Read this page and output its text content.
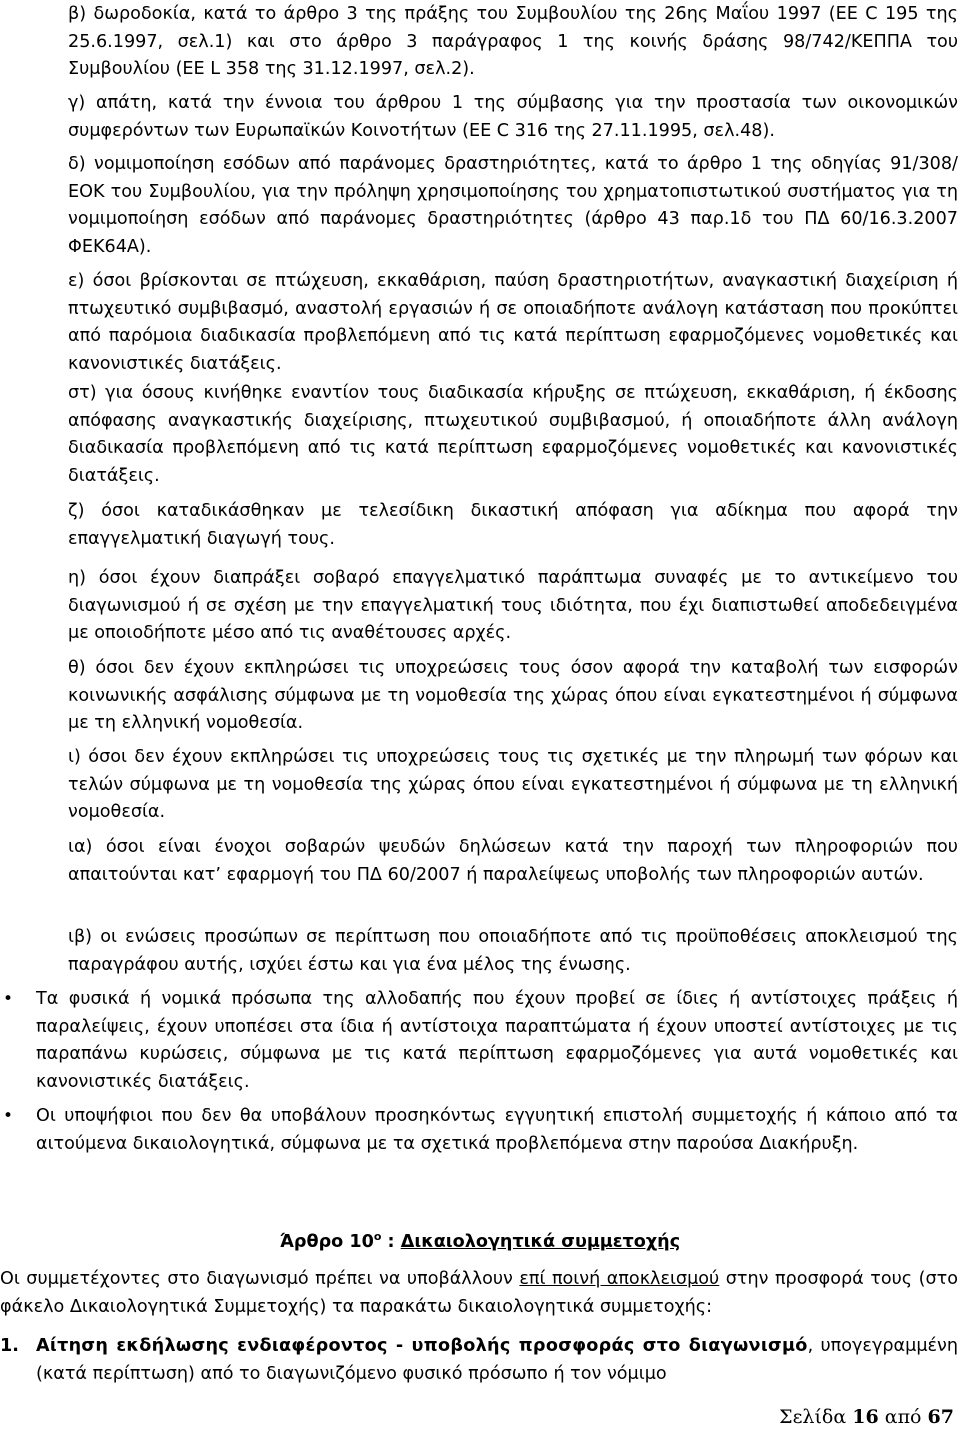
β) δωροδοκία, κατά το άρθρο 3 της πράξης του Συμβουλίου της 26ης Μαΐου 1997 (ΕΕ C 195 της 25.6.1997, σελ.1) και στο άρθρο 3 παράγραφος 1 της κοινής δράσης 98/742/ΚΕΠΠΑ του Συμβουλίου (ΕΕ L 358 της 31.12.1997, σελ.2).

γ) απάτη, κατά την έννοια του άρθρου 1 της σύμβασης για την προστασία των οικονομικών συμφερόντων των Ευρωπαϊκών Κοινοτήτων (ΕΕ C 316 της 27.11.1995, σελ.48).

δ) νομιμοποίηση εσόδων από παράνομες δραστηριότητες, κατά το άρθρο 1 της οδηγίας 91/308/ΕΟΚ του Συμβουλίου, για την πρόληψη χρησιμοποίησης του χρηματοπιστωτικού συστήματος για τη νομιμοποίηση εσόδων από παράνομες δραστηριότητες (άρθρο 43 παρ.1δ του ΠΔ 60/16.3.2007 ΦΕΚ64Α).

ε) όσοι βρίσκονται σε πτώχευση, εκκαθάριση, παύση δραστηριοτήτων, αναγκαστική διαχείριση ή πτωχευτικό συμβιβασμό, αναστολή εργασιών ή σε οποιαδήποτε ανάλογη κατάσταση που προκύπτει από παρόμοια διαδικασία προβλεπόμενη από τις κατά περίπτωση εφαρμοζόμενες νομοθετικές και κανονιστικές διατάξεις.

στ) για όσους κινήθηκε εναντίον τους διαδικασία κήρυξης σε πτώχευση, εκκαθάριση, ή έκδοσης απόφασης αναγκαστικής διαχείρισης, πτωχευτικού συμβιβασμού, ή οποιαδήποτε άλλη ανάλογη διαδικασία προβλεπόμενη από τις κατά περίπτωση εφαρμοζόμενες νομοθετικές και κανονιστικές διατάξεις.

ζ) όσοι καταδικάσθηκαν με τελεσίδικη δικαστική απόφαση για αδίκημα που αφορά την επαγγελματική διαγωγή τους.

η) όσοι έχουν διαπράξει σοβαρό επαγγελματικό παράπτωμα συναφές με το αντικείμενο του διαγωνισμού ή σε σχέση με την επαγγελματική τους ιδιότητα, που έχι διαπιστωθεί αποδεδειγμένα με οποιοδήποτε μέσο από τις αναθέτουσες αρχές.

θ) όσοι δεν έχουν εκπληρώσει τις υποχρεώσεις τους όσον αφορά την καταβολή των εισφορών κοινωνικής ασφάλισης σύμφωνα με τη νομοθεσία της χώρας όπου είναι εγκατεστημένοι ή σύμφωνα με τη ελληνική νομοθεσία.

ι) όσοι δεν έχουν εκπληρώσει τις υποχρεώσεις τους τις σχετικές με την πληρωμή των φόρων και τελών σύμφωνα με τη νομοθεσία της χώρας όπου είναι εγκατεστημένοι ή σύμφωνα με τη ελληνική νομοθεσία.

ια) όσοι είναι ένοχοι σοβαρών ψευδών δηλώσεων κατά την παροχή των πληροφοριών που απαιτούνται κατ’ εφαρμογή του ΠΔ 60/2007 ή παραλείψεως υποβολής των πληροφοριών αυτών.

ιβ) οι ενώσεις προσώπων σε περίπτωση που οποιαδήποτε από τις προϋποθέσεις αποκλεισμού της παραγράφου αυτής, ισχύει έστω και για ένα μέλος της ένωσης.

• Τα φυσικά ή νομικά πρόσωπα της αλλοδαπής που έχουν προβεί σε ίδιες ή αντίστοιχες πράξεις ή παραλείψεις, έχουν υποπέσει στα ίδια ή αντίστοιχα παραπτώματα ή έχουν υποστεί αντίστοιχες με τις παραπάνω κυρώσεις, σύμφωνα με τις κατά περίπτωση εφαρμοζόμενες για αυτά νομοθετικές και κανονιστικές διατάξεις.

• Οι υποψήφιοι που δεν θα υποβάλουν προσηκόντως εγγυητική επιστολή συμμετοχής ή κάποιο από τα αιτούμενα δικαιολογητικά, σύμφωνα με τα σχετικά προβλεπόμενα στην παρούσα Διακήρυξη.

Άρθρο $10^o$ : Δικαιολογητικά συμμετοχής

Οι συμμετέχοντες στο διαγωνισμό πρέπει να υποβάλλουν επί ποινή αποκλεισμού στην προσφορά τους (στο φάκελο Δικαιολογητικά Συμμετοχής) τα παρακάτω δικαιολογητικά συμμετοχής:

1. Αίτηση εκδήλωσης ενδιαφέροντος - υποβολής προσφοράς στο διαγωνισμό, υπογεγραμμένη (κατά περίπτωση) από το διαγωνιζόμενο φυσικό πρόσωπο ή τον νόμιμο

Σελίδα 16 από 67
